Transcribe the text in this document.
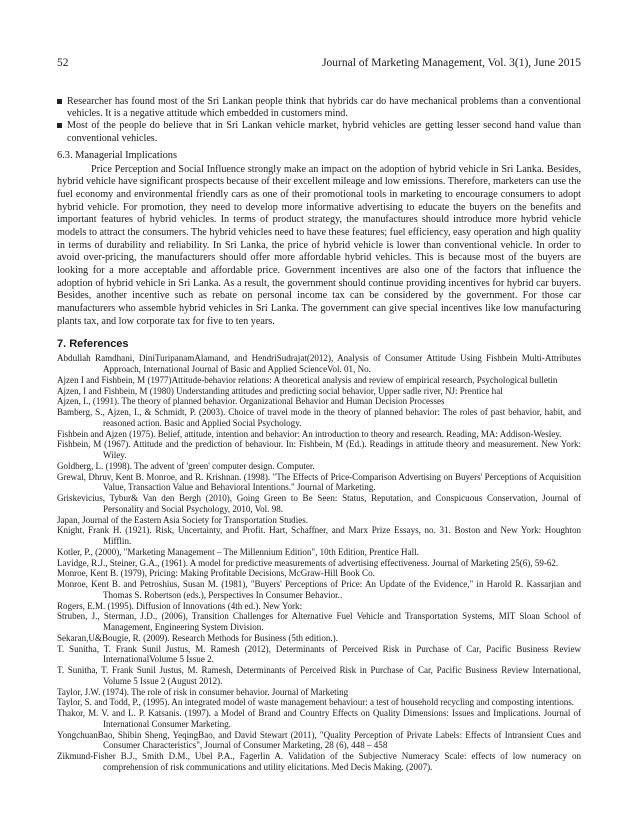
52	Journal of Marketing Management, Vol. 3(1), June 2015
Researcher has found most of the Sri Lankan people think that hybrids car do have mechanical problems than a conventional vehicles. It is a negative attitude which embedded in customers mind.
Most of the people do believe that in Sri Lankan vehicle market, hybrid vehicles are getting lesser second hand value than conventional vehicles.
6.3. Managerial Implications

Price Perception and Social Influence strongly make an impact on the adoption of hybrid vehicle in Sri Lanka. Besides, hybrid vehicle have significant prospects because of their excellent mileage and low emissions. Therefore, marketers can use the fuel economy and environmental friendly cars as one of their promotional tools in marketing to encourage consumers to adopt hybrid vehicle. For promotion, they need to develop more informative advertising to educate the buyers on the benefits and important features of hybrid vehicles. In terms of product strategy, the manufactures should introduce more hybrid vehicle models to attract the consumers. The hybrid vehicles need to have these features; fuel efficiency, easy operation and high quality in terms of durability and reliability. In Sri Lanka, the price of hybrid vehicle is lower than conventional vehicle. In order to avoid over-pricing, the manufacturers should offer more affordable hybrid vehicles. This is because most of the buyers are looking for a more acceptable and affordable price. Government incentives are also one of the factors that influence the adoption of hybrid vehicle in Sri Lanka. As a result, the government should continue providing incentives for hybrid car buyers. Besides, another incentive such as rebate on personal income tax can be considered by the government. For those car manufacturers who assemble hybrid vehicles in Sri Lanka. The government can give special incentives like low manufacturing plants tax, and low corporate tax for five to ten years.

7. References

Abdullah Ramdhani, DiniTuripanamAlamand, and HendriSudrajat(2012), Analysis of Consumer Attitude Using Fishbein Multi-Attributes Approach, International Journal of Basic and Applied ScienceVol. 01, No.

Ajzen I and Fishbein, M (1977)Attitude-behavior relations: A theoretical analysis and review of empirical research, Psychological bulletin

Ajzen, I and Fishbein, M (1980) Understanding attitudes and predicting social behavior, Upper sadle river, NJ: Prentice hal

Ajzen, I., (1991). The theory of planned behavior. Organizational Behavior and Human Decision Processes

Bamberg, S., Ajzen, I., & Schmidt, P. (2003). Choice of travel mode in the theory of planned behavior: The roles of past behavior, habit, and reasoned action. Basic and Applied Social Psychology.

Fishbein and Ajzen (1975). Belief, attitude, intention and behavior: An introduction to theory and research. Reading, MA: Addison-Wesley.

Fishbein, M (1967). Attitude and the prediction of behaviour. In: Fishbein, M (Ed.). Readings in attitude theory and measurement. New York: Wiley.

Goldberg, L. (1998). The advent of 'green' computer design. Computer.

Grewal, Dhruv, Kent B. Monroe, and R. Krishnan. (1998). "The Effects of Price-Comparison Advertising on Buyers' Perceptions of Acquisition Value, Transaction Value and Behavioral Intentions." Journal of Marketing.

Griskevicius, Tybur& Van den Bergh (2010), Going Green to Be Seen: Status, Reputation, and Conspicuous Conservation, Journal of Personality and Social Psychology, 2010, Vol. 98.

Japan, Journal of the Eastern Asia Society for Transportation Studies.

Knight, Frank H. (1921). Risk, Uncertainty, and Profit. Hart, Schaffner, and Marx Prize Essays, no. 31. Boston and New York: Houghton Mifflin.

Kotler, P., (2000), "Marketing Management – The Millennium Edition", 10th Edition, Prentice Hall.

Lavidge, R.J., Steiner, G.A., (1961). A model for predictive measurements of advertising effectiveness. Journal of Marketing 25(6), 59-62.

Monroe, Kent B. (1979), Pricing: Making Profitable Decisions, McGraw-Hill Book Co.

Monroe, Kent B. and Petroshius, Susan M. (1981), "Buyers' Perceptions of Price: An Update of the Evidence," in Harold R. Kassarjian and Thomas S. Robertson (eds.), Perspectives In Consumer Behavior..

Rogers, E.M. (1995). Diffusion of Innovations (4th ed.). New York:

Struben, J., Sterman, J.D., (2006), Transition Challenges for Alternative Fuel Vehicle and Transportation Systems, MIT Sloan School of Management, Engineering System Division.

Sekaran,U&Bougie, R. (2009). Research Methods for Business (5th edition.).

T. Sunitha, T. Frank Sunil Justus, M. Ramesh (2012), Determinants of Perceived Risk in Purchase of Car, Pacific Business Review InternationalVolume 5 Issue 2.

T. Sunitha, T. Frank Sunil Justus, M. Ramesh, Determinants of Perceived Risk in Purchase of Car, Pacific Business Review International, Volume 5 Issue 2 (August 2012).

Taylor, J.W. (1974). The role of risk in consumer behavior. Journal of Marketing

Taylor, S. and Todd, P., (1995). An integrated model of waste management behaviour: a test of household recycling and composting intentions.

Thakor, M. V. and L. P. Katsanis. (1997). a Model of Brand and Country Effects on Quality Dimensions: Issues and Implications. Journal of International Consumer Marketing.

YongchuanBao, Shibin Sheng, YeqingBao, and David Stewart (2011), "Quality Perception of Private Labels: Effects of Intransient Cues and Consumer Characteristics", Journal of Consumer Marketing, 28 (6), 448 – 458

Zikmund-Fisher B.J., Smith D.M., Ubel P.A., Fagerlin A. Validation of the Subjective Numeracy Scale: effects of low numeracy on comprehension of risk communications and utility elicitations. Med Decis Making. (2007).
